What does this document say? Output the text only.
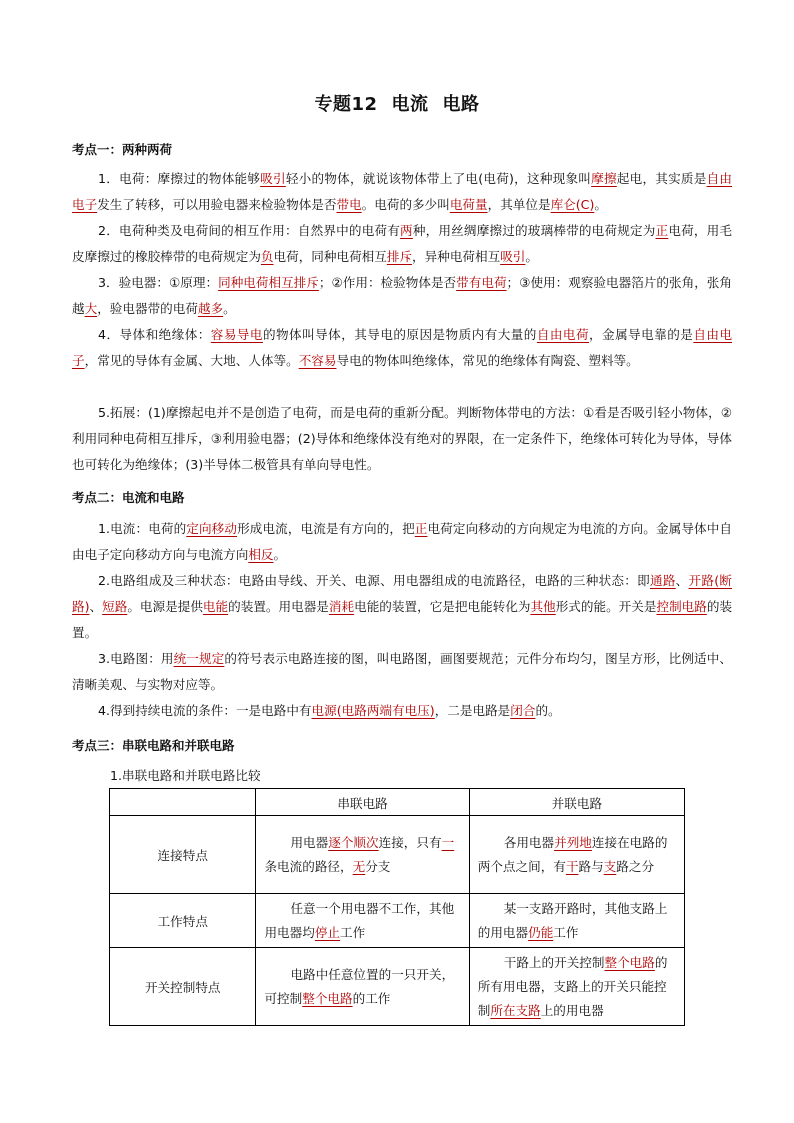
专题12 电流 电路
考点一：两种两荷
1．电荷：摩擦过的物体能够吸引轻小的物体，就说该物体带上了电(电荷)，这种现象叫摩擦起电，其实质是自由电子发生了转移，可以用验电器来检验物体是否带电。电荷的多少叫电荷量，其单位是库仑(C)。
2．电荷种类及电荷间的相互作用：自然界中的电荷有两种，用丝绸摩擦过的玻璃棒带的电荷规定为正电荷，用毛皮摩擦过的橡胶棒带的电荷规定为负电荷，同种电荷相互排斥，异种电荷相互吸引。
3．验电器：①原理：同种电荷相互排斥；②作用：检验物体是否带有电荷；③使用：观察验电器箔片的张角，张角越大，验电器带的电荷越多。
4．导体和绝缘体：容易导电的物体叫导体，其导电的原因是物质内有大量的自由电荷，金属导电靠的是自由电子，常见的导体有金属、大地、人体等。不容易导电的物体叫绝缘体，常见的绝缘体有陶瓷、塑料等。
5.拓展：(1)摩擦起电并不是创造了电荷，而是电荷的重新分配。判断物体带电的方法：①看是否吸引轻小物体，②利用同种电荷相互排斥，③利用验电器；(2)导体和绝缘体没有绝对的界限，在一定条件下，绝缘体可转化为导体，导体也可转化为绝缘体；(3)半导体二极管具有单向导电性。
考点二：电流和电路
1.电流：电荷的定向移动形成电流，电流是有方向的，把正电荷定向移动的方向规定为电流的方向。金属导体中自由电子定向移动方向与电流方向相反。
2.电路组成及三种状态：电路由导线、开关、电源、用电器组成的电流路径，电路的三种状态：即通路、开路(断路)、短路。电源是提供电能的装置。用电器是消耗电能的装置，它是把电能转化为其他形式的能。开关是控制电路的装置。
3.电路图：用统一规定的符号表示电路连接的图，叫电路图，画图要规范；元件分布均匀，图呈方形，比例适中、清晰美观、与实物对应等。
4.得到持续电流的条件：一是电路中有电源(电路两端有电压)，二是电路是闭合的。
考点三：串联电路和并联电路
1.串联电路和并联电路比较
	串联电路	并联电路
连接特点	用电器逐个顺次连接，只有一条电流的路径，无分支	各用电器并列地连接在电路的两个点之间，有干路与支路之分
工作特点	任意一个用电器不工作，其他用电器均停止工作	某一支路开路时，其他支路上的用电器仍能工作
开关控制特点	电路中任意位置的一只开关，可控制整个电路的工作	干路上的开关控制整个电路的所有用电器，支路上的开关只能控制所在支路上的用电器
